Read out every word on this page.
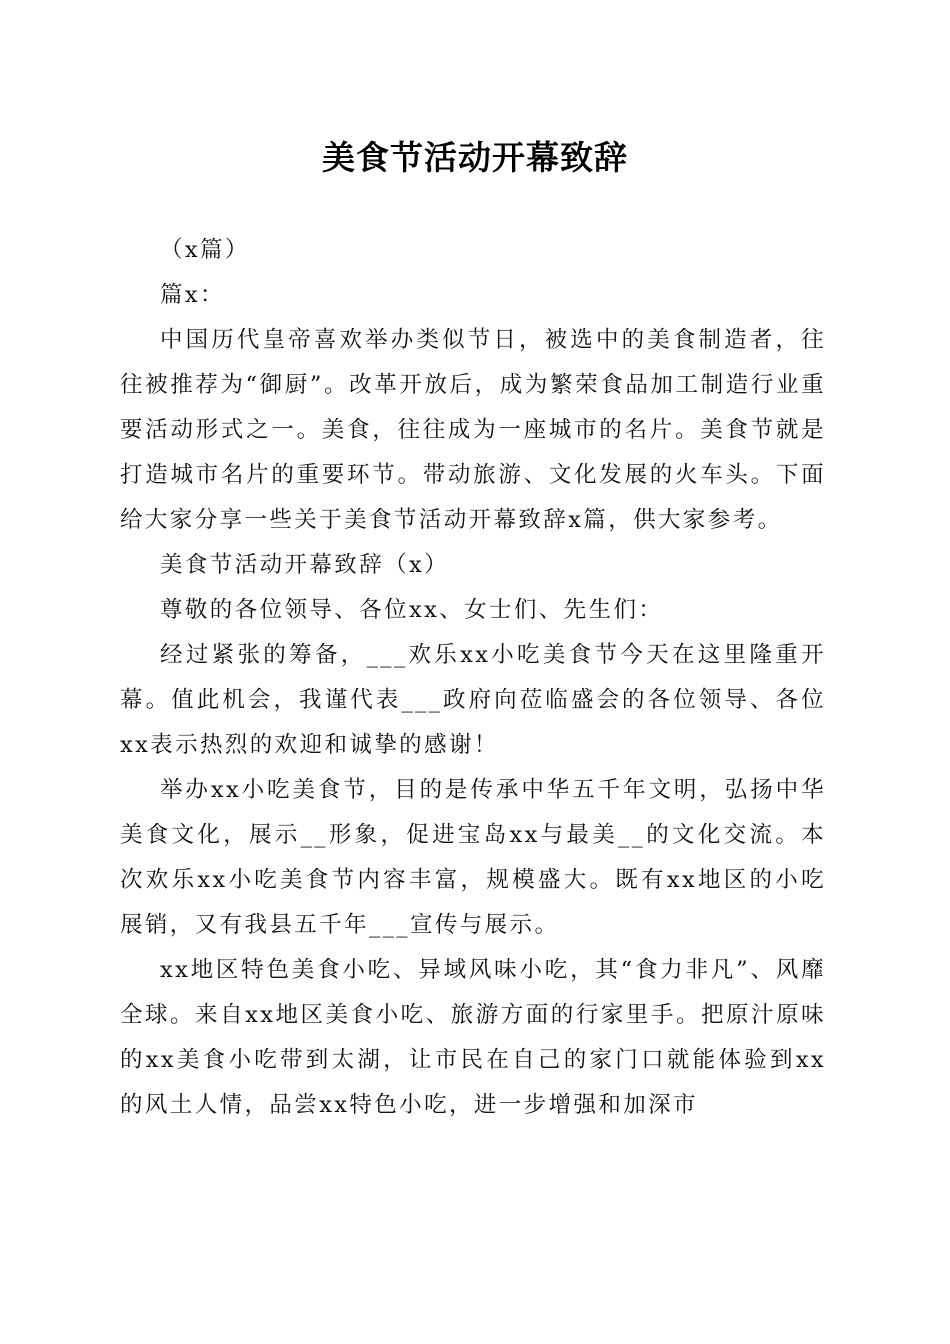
美食节活动开幕致辞

（x篇）

篇x：

中国历代皇帝喜欢举办类似节日，被选中的美食制造者，往往被推荐为“御厨”。改革开放后，成为繁荣食品加工制造行业重要活动形式之一。美食，往往成为一座城市的名片。美食节就是打造城市名片的重要环节。带动旅游、文化发展的火车头。下面给大家分享一些关于美食节活动开幕致辞x篇，供大家参考。

美食节活动开幕致辞（x）

尊敬的各位领导、各位xx、女士们、先生们：

经过紧张的筹备，___欢乐xx小吃美食节今天在这里隆重开幕。值此机会，我谨代表___政府向莅临盛会的各位领导、各位xx表示热烈的欢迎和诚挚的感谢！

举办xx小吃美食节，目的是传承中华五千年文明，弘扬中华美食文化，展示__形象，促进宝岛xx与最美__的文化交流。本次欢乐xx小吃美食节内容丰富，规模盛大。既有xx地区的小吃展销，又有我县五千年___宣传与展示。

xx地区特色美食小吃、异域风味小吃，其“食力非凡”、风靡全球。来自xx地区美食小吃、旅游方面的行家里手。把原汁原味的xx美食小吃带到太湖，让市民在自己的家门口就能体验到xx的风土人情，品尝xx特色小吃，进一步增强和加深市
